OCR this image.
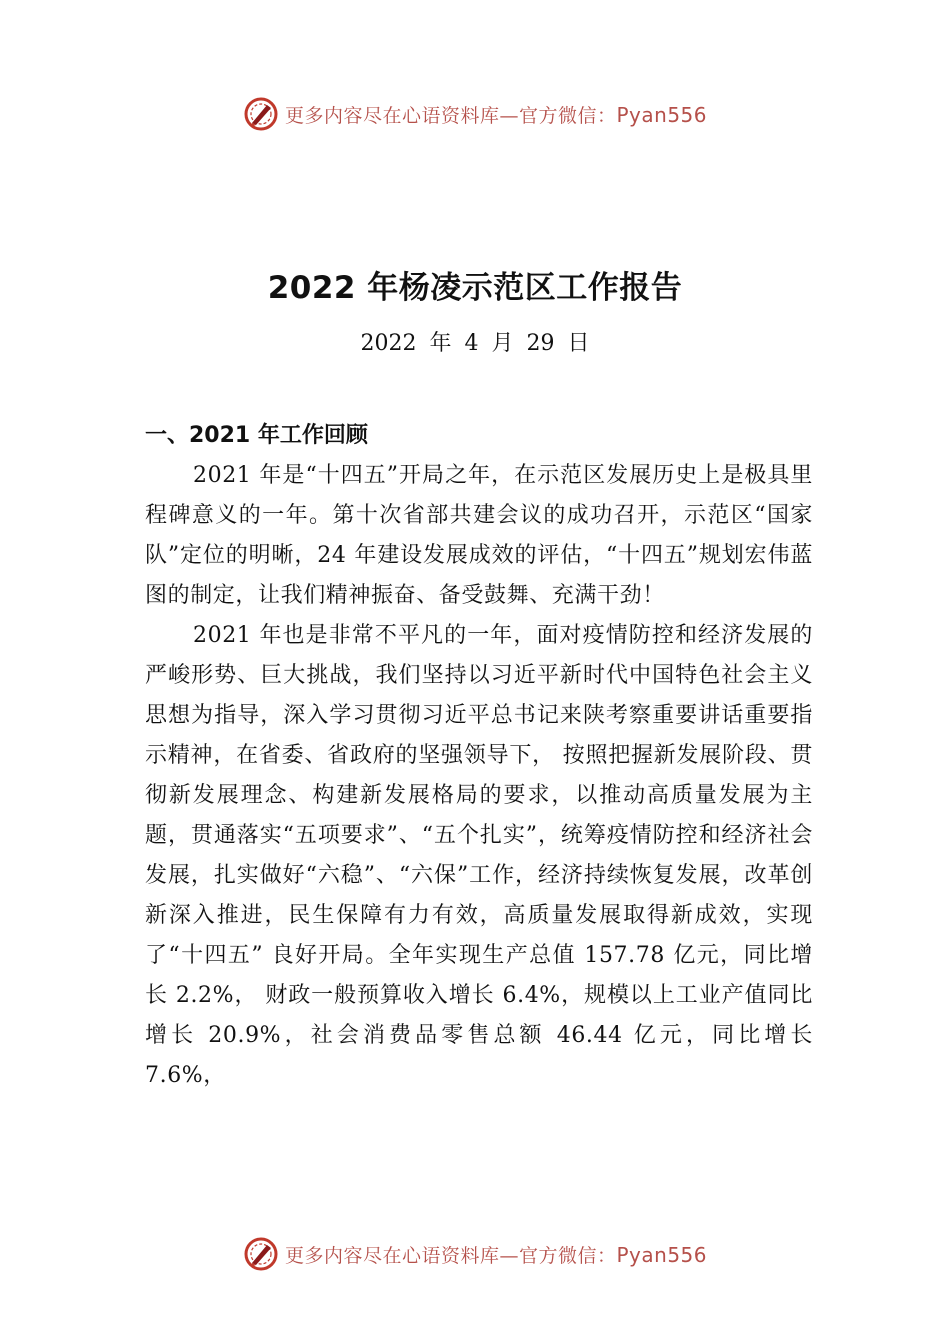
更多内容尽在心语资料库—官方微信：Pyan556
2022 年杨凌示范区工作报告
2022 年 4 月 29 日
一、2021 年工作回顾

2021 年是“十四五”开局之年，在示范区发展历史上是极具里程碑意义的一年。第十次省部共建会议的成功召开，示范区“国家队”定位的明晰，24 年建设发展成效的评估，“十四五”规划宏伟蓝图的制定，让我们精神振奋、备受鼓舞、充满干劲！

2021 年也是非常不平凡的一年，面对疫情防控和经济发展的严峻形势、巨大挑战，我们坚持以习近平新时代中国特色社会主义思想为指导，深入学习贯彻习近平总书记来陕考察重要讲话重要指示精神，在省委、省政府的坚强领导下， 按照把握新发展阶段、贯彻新发展理念、构建新发展格局的要求，以推动高质量发展为主题，贯通落实“五项要求”、“五个扎实”，统筹疫情防控和经济社会发展，扎实做好“六稳”、“六保”工作，经济持续恢复发展，改革创新深入推进，民生保障有力有效，高质量发展取得新成效，实现了“十四五” 良好开局。全年实现生产总值 157.78 亿元，同比增长 2.2%， 财政一般预算收入增长 6.4%，规模以上工业产值同比增长 20.9%，社会消费品零售总额 46.44 亿元，同比增长 7.6%，

更多内容尽在心语资料库—官方微信：Pyan556
